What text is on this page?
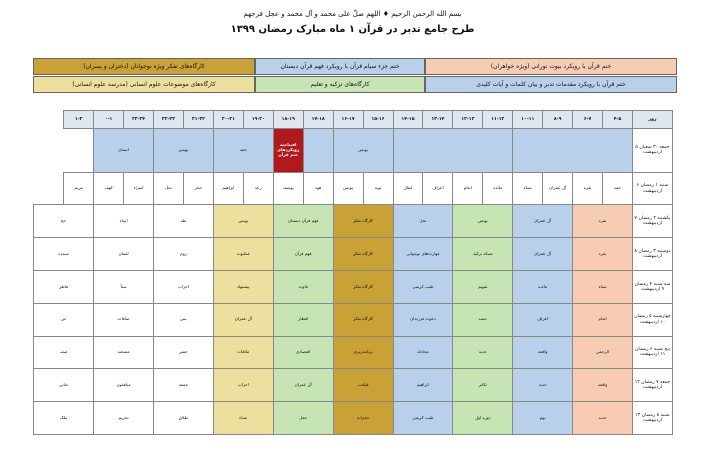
بسم الله الرحمن الرحیم ♦ اللهم صلّ علی محمد و آل محمد و عجل فرجهم
طرح جامع تدبر در قرآن ۱ ماه مبارک رمضان ۱۳۹۹
ختم قرآن با رویکرد بیوت نورانی (ویژه خواهران)
ختم جزء سیام قرآن با رویکرد فهم قرآن دبستان
کارگاه‌های تفکر ویژه نوجوانان (دختران و پسران)
ختم قرآن با رویکرد مقدمات تدبر و بیان کلمات و آیات کلیدی
کارگاه‌های تزکیه و تعلیم
کارگاه‌های موضوعات علوم انسانی (مدرسه علوم انسانی)
روز	۴-۵	۶-۷	۸-۹	۱۰-۱۱	۱۱-۱۲	۱۲-۱۳	۱۳-۱۴	۱۴-۱۵	۱۵-۱۶	۱۶-۱۷	۱۷-۱۸	۱۸-۱۹	۱۹-۲۰	۲۰-۲۱	۲۱-۲۲	۲۲-۲۳	۲۳-۲۴	۰-۱	۱-۲
جمعه ۳۰ شعبان ۵ اردیبهشت									یونس			افتتاحیه رویکردهای ختم قرآن	حمد		یونس		انسان		
شنبه ۱ رمضان ۶ اردیبهشت	حمد	بقره	آل عمران	نساء	مائده	انعام	اعراف	انفال	توبه	یونس	هود	یوسف	رعد	ابراهیم	حجر	نحل	اسراء	کهف	مریم
یکشنبه ۲ رمضان ۷ اردیبهشت	بقره		آل عمران		یونس		نحل		کارگاه تفکر		فهم قرآن دبستان		یونس		طه		انبیاء		حج
دوشنبه ۳ رمضان ۸ اردیبهشت	بقره		آل عمران		شبکه تزکیه		مهارت‌های نوجوانی		کارگاه تفکر		فهم قرآن		عنکبوت		روم		لقمان		سجده
سه شنبه ۴ رمضان ۹ اردیبهشت	نساء		مائده		تقویم		طیب کریمی		کارگاه تفکر		تلاوت		پیشنهاد		احزاب		سبأ		فاطر
چهارشنبه ۵ رمضان ۱۰ اردیبهشت	انعام		اعراف		حسد		دعوت فرزندان		کارگاه تفکر		افطار		آل عمران		یس		صافات		ص
پنج شنبه ۶ رمضان ۱۱ اردیبهشت	الرحمن		واقعه		حدید		مجادله		برنامه‌ریزی		اقتصادی		ملاقات		حشر		ممتحنه		صف
جمعه ۷ رمضان ۱۲ اردیبهشت	واقعه		حدید		تکاثر		ابراهیم		قیامت		آل عمران		احزاب		جمعه		منافقون		تغابن
شنبه ۸ رمضان ۱۳ اردیبهشت	حدید		نوم		دوره اول		طیب کریمی		حجرات		جعل		نساء		طلاق		تحریم		ملک
